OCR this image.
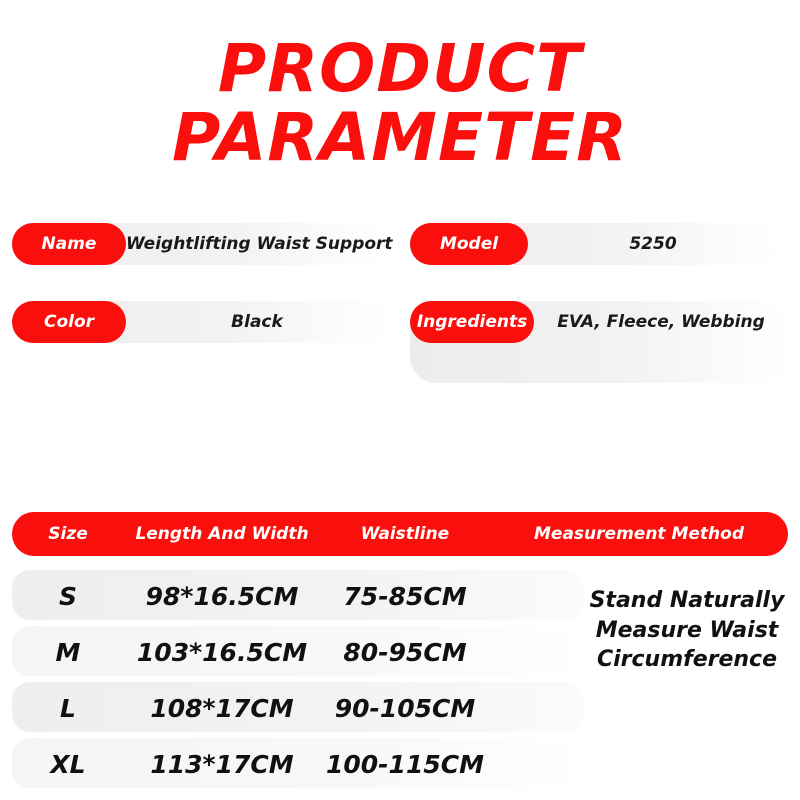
PRODUCT
PARAMETER
Name	Weightlifting Waist Support	Model	5250
Color	Black	Ingredients	EVA, Fleece, Webbing
Size	Length And Width	Waistline	Measurement Method
S	98*16.5CM	75-85CM
M	103*16.5CM	80-95CM
L	108*17CM	90-105CM
XL	113*17CM	100-115CM
Stand Naturally
Measure Waist
Circumference
